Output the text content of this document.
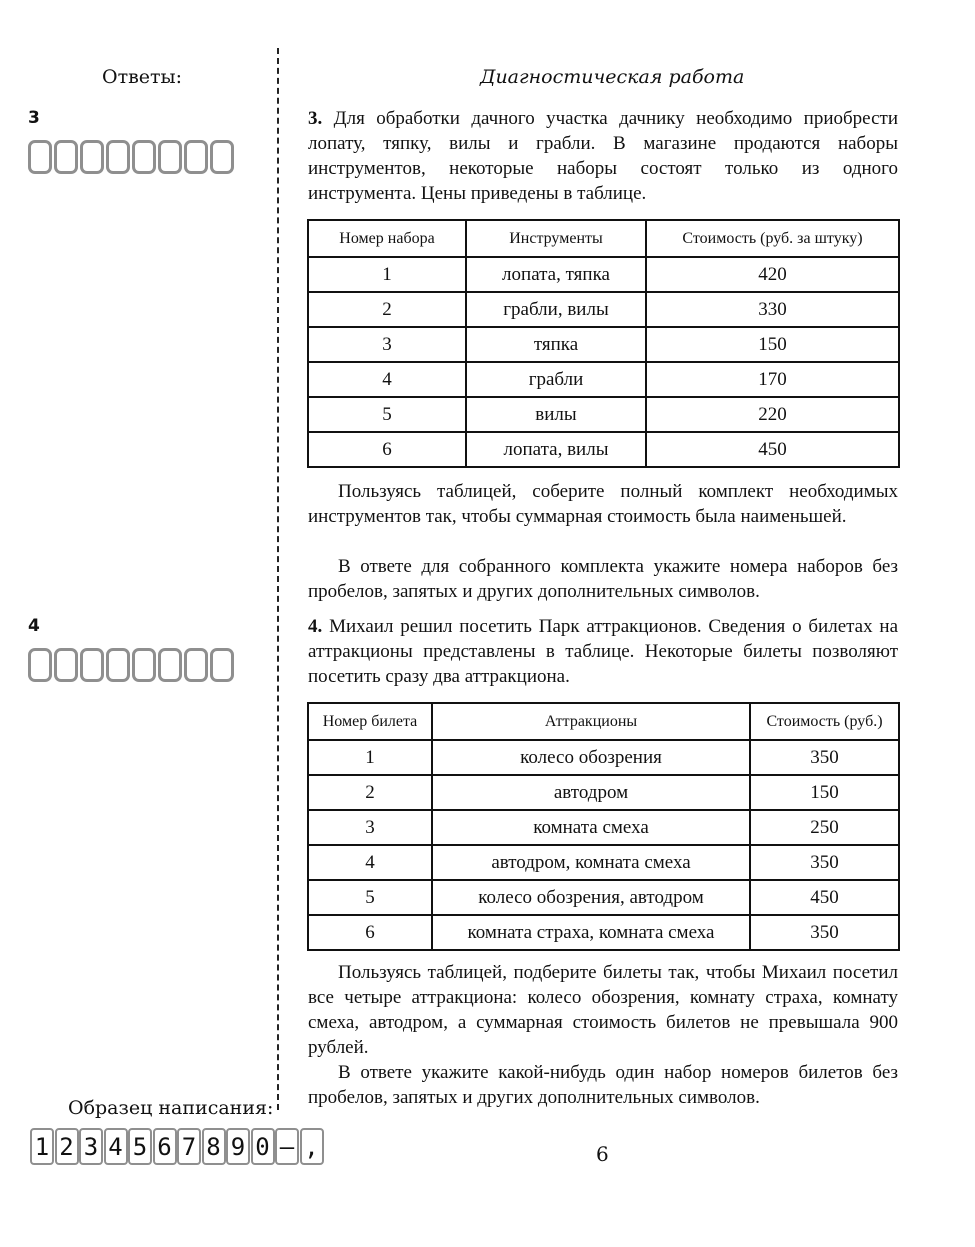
Ответы:
3
4
Образец написания:
1 2 3 4 5 6 7 8 9 0 – ,
Диагностическая работа
3. Для обработки дачного участка дачнику необходимо приобрести лопату, тяпку, вилы и грабли. В магазине продаются наборы инструментов, некоторые наборы состоят только из одного инструмента. Цены приведены в таблице.
Номер набора	Инструменты	Стоимость (руб. за штуку)
1	лопата, тяпка	420
2	грабли, вилы	330
3	тяпка	150
4	грабли	170
5	вилы	220
6	лопата, вилы	450
Пользуясь таблицей, соберите полный комплект необходимых инструментов так, чтобы суммарная стоимость была наименьшей.
В ответе для собранного комплекта укажите номера наборов без пробелов, запятых и других дополнительных символов.
4. Михаил решил посетить Парк аттракционов. Сведения о билетах на аттракционы представлены в таблице. Некоторые билеты позволяют посетить сразу два аттракциона.
Номер билета	Аттракционы	Стоимость (руб.)
1	колесо обозрения	350
2	автодром	150
3	комната смеха	250
4	автодром, комната смеха	350
5	колесо обозрения, автодром	450
6	комната страха, комната смеха	350
Пользуясь таблицей, подберите билеты так, чтобы Михаил посетил все четыре аттракциона: колесо обозрения, комнату страха, комнату смеха, автодром, а суммарная стоимость билетов не превышала 900 рублей.
В ответе укажите какой-нибудь один набор номеров билетов без пробелов, запятых и других дополнительных символов.
6
